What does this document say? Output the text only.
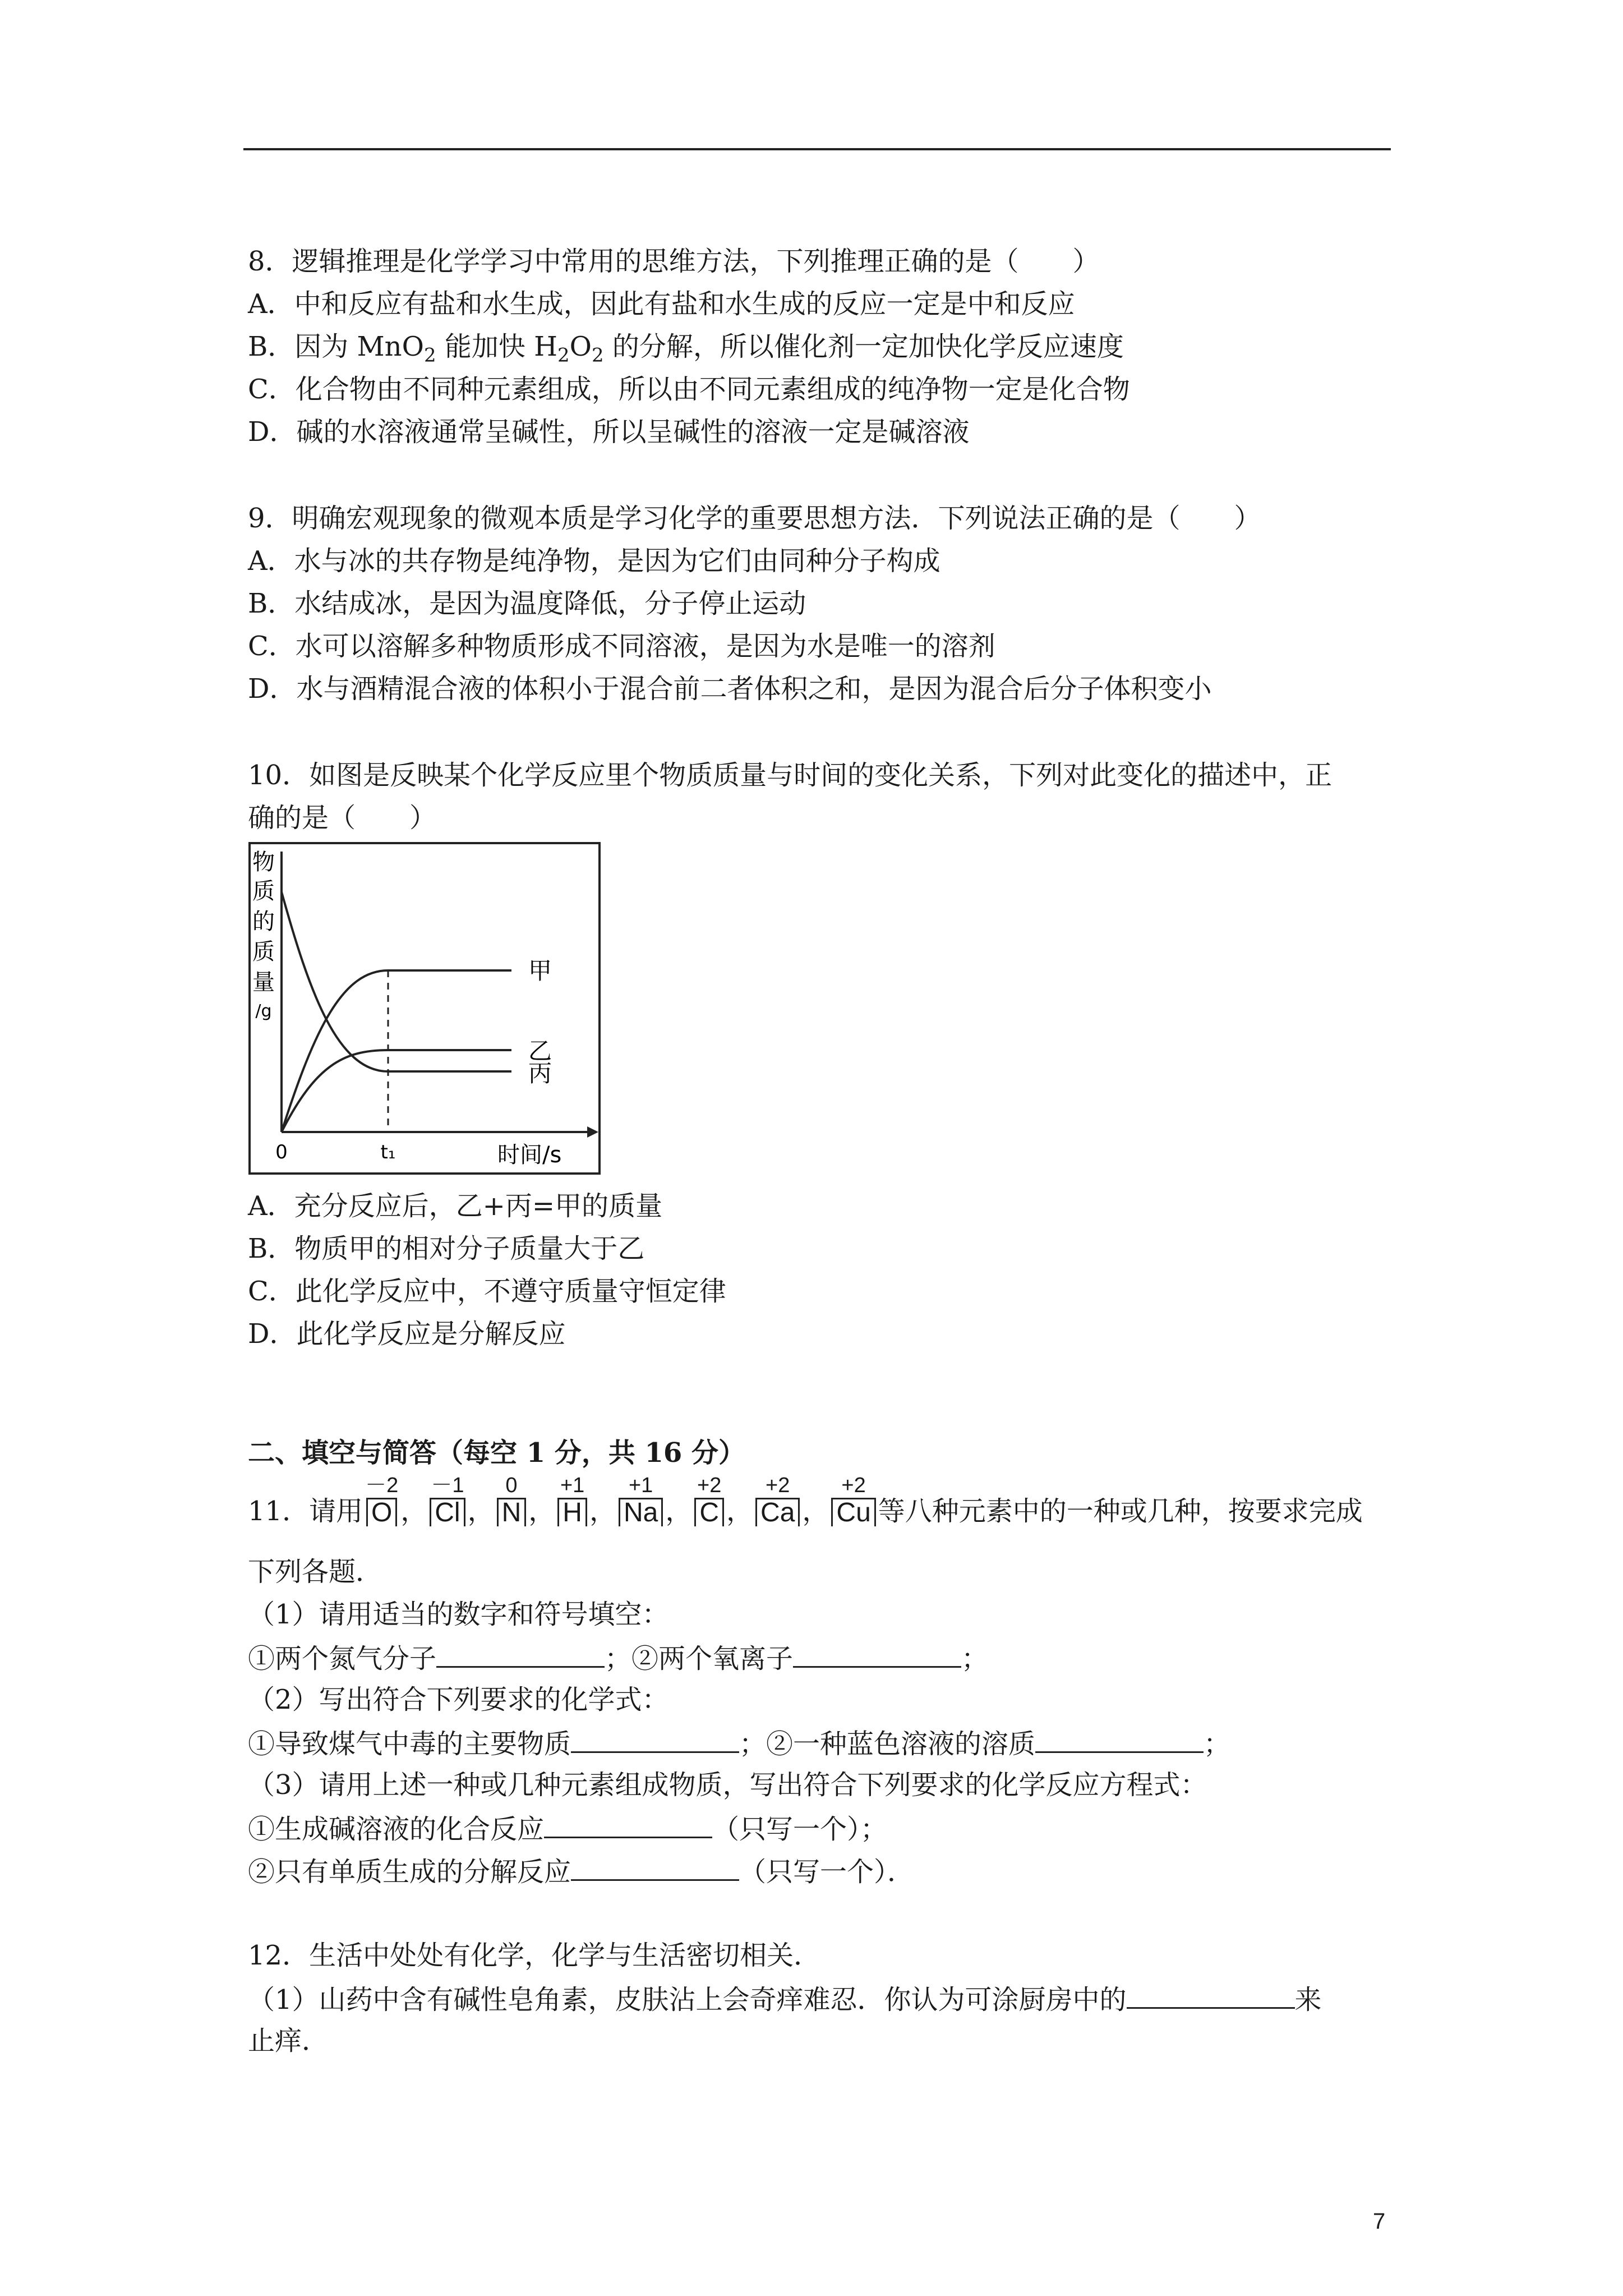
8．逻辑推理是化学学习中常用的思维方法，下列推理正确的是（　　）
A．中和反应有盐和水生成，因此有盐和水生成的反应一定是中和反应
B．因为 MnO$_2$ 能加快 $H_2O_2$ 的分解，所以催化剂一定加快化学反应速度
C．化合物由不同种元素组成，所以由不同元素组成的纯净物一定是化合物
D．碱的水溶液通常呈碱性，所以呈碱性的溶液一定是碱溶液
9．明确宏观现象的微观本质是学习化学的重要思想方法．下列说法正确的是（　　）
A．水与冰的共存物是纯净物，是因为它们由同种分子构成
B．水结成冰，是因为温度降低，分子停止运动
C．水可以溶解多种物质形成不同溶液，是因为水是唯一的溶剂
D．水与酒精混合液的体积小于混合前二者体积之和，是因为混合后分子体积变小
10．如图是反映某个化学反应里个物质质量与时间的变化关系，下列对此变化的描述中，正
确的是（　　）
物
质
的
质
量
/g
甲
乙
丙
0	t₁	时间/s
A．充分反应后，乙+丙=甲的质量
B．物质甲的相对分子质量大于乙
C．此化学反应中，不遵守质量守恒定律
D．此化学反应是分解反应
二、填空与简答（每空 1 分，共 16 分）
11．请用
－2
O ，
－1
Cl ，
0
N ，
+1
H ，
+1
Na ，
+2
C ，
+2
Ca ，
+2
Cu 等八种元素中的一种或几种，按要求完成
下列各题．
（1）请用适当的数字和符号填空：
①两个氮气分子	；②两个氧离子	；
（2）写出符合下列要求的化学式：
①导致煤气中毒的主要物质	；②一种蓝色溶液的溶质	；
（3）请用上述一种或几种元素组成物质，写出符合下列要求的化学反应方程式：
①生成碱溶液的化合反应	（只写一个）；
②只有单质生成的分解反应	（只写一个）．
12．生活中处处有化学，化学与生活密切相关．
（1）山药中含有碱性皂角素，皮肤沾上会奇痒难忍．你认为可涂厨房中的	来
止痒．
7
